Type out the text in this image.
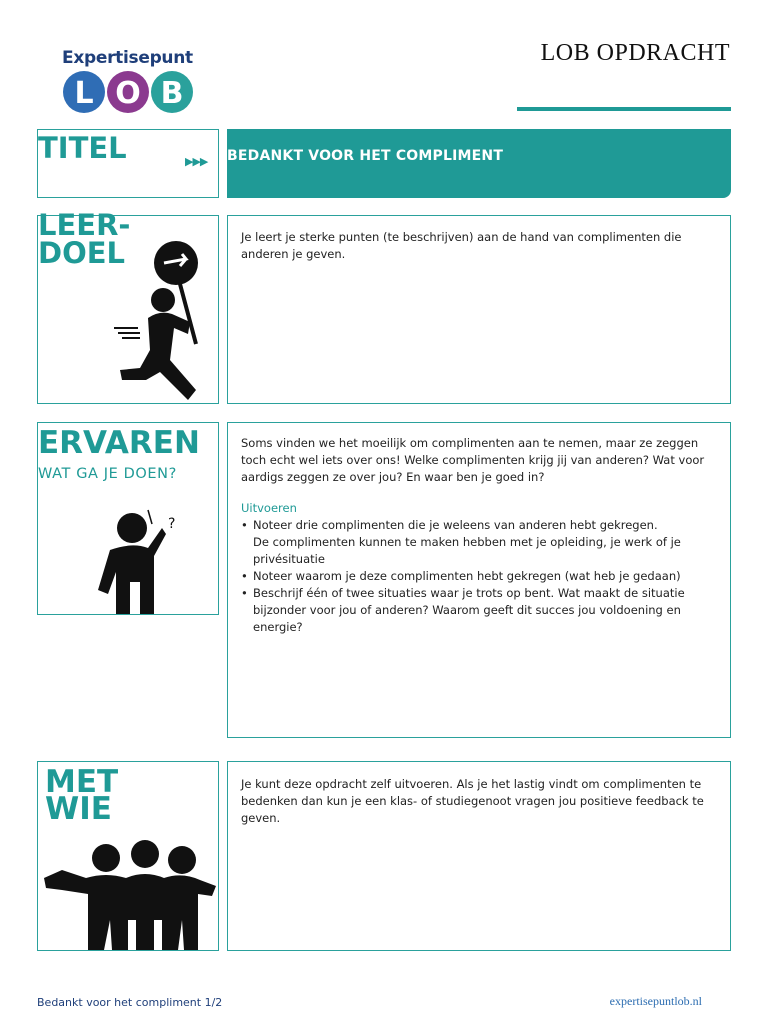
Expertisepunt
L O B
LOB OPDRACHT
TITEL	▶▶▶ BEDANKT VOOR HET COMPLIMENT
LEER-
DOEL	Je leert je sterke punten (te beschrijven) aan de hand van complimenten die anderen je geven.
ERVAREN
WAT GA JE DOEN?
?

Soms vinden we het moeilijk om complimenten aan te nemen, maar ze zeggen toch echt wel iets over ons! Welke complimenten krijg jij van anderen? Wat voor aardigs zeggen ze over jou? En waar ben je goed in?

Uitvoeren

• Noteer drie complimenten die je weleens van anderen hebt gekregen.
De complimenten kunnen te maken hebben met je opleiding, je werk of je privésituatie
• Noteer waarom je deze complimenten hebt gekregen (wat heb je gedaan)
• Beschrijf één of twee situaties waar je trots op bent. Wat maakt de situatie bijzonder voor jou of anderen? Waarom geeft dit succes jou voldoening en energie?
MET
WIE
Je kunt deze opdracht zelf uitvoeren. Als je het lastig vindt om complimenten te bedenken dan kun je een klas- of studiegenoot vragen jou positieve feedback te geven.
Bedankt voor het compliment 1/2	expertisepuntlob.nl
